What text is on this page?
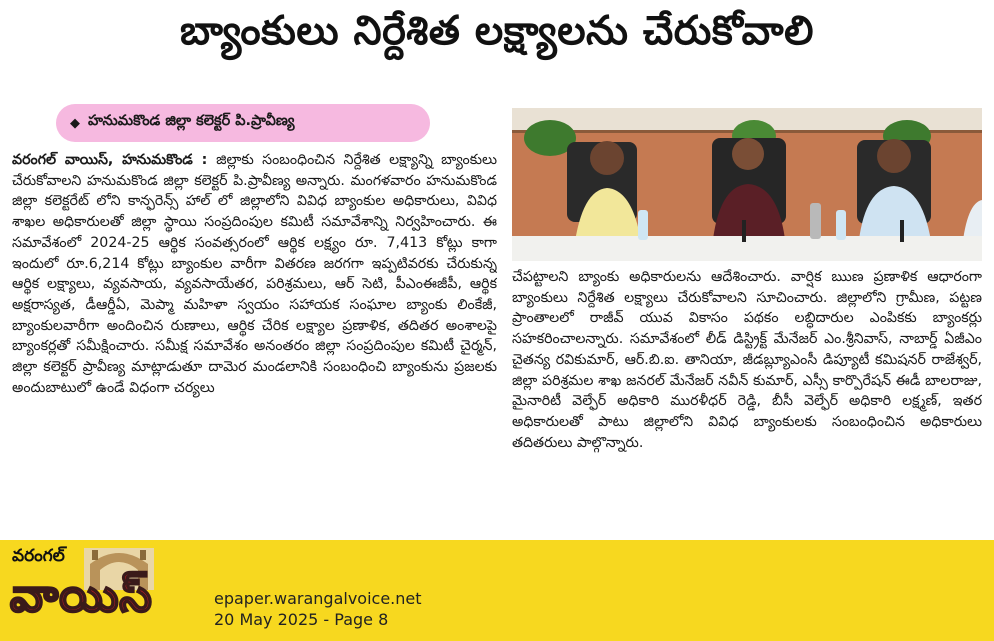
బ్యాంకులు నిర్దేశిత లక్ష్యాలను చేరుకోవాలి
◆ హనుమకొండ జిల్లా కలెక్టర్ పి.ప్రావీణ్య
వరంగల్ వాయిస్, హనుమకొండ : జిల్లాకు సంబంధించిన నిర్దేశిత లక్ష్యాన్ని బ్యాంకులు చేరుకోవాలని హనుమకొండ జిల్లా కలెక్టర్ పి.ప్రావీణ్య అన్నారు. మంగళవారం హనుమకొండ జిల్లా కలెక్టరేట్ లోని కాన్ఫరెన్స్ హాల్ లో జిల్లాలోని వివిధ బ్యాంకుల అధికారులు, వివిధ శాఖల అధికారులతో జిల్లా స్థాయి సంప్రదింపుల కమిటీ సమావేశాన్ని నిర్వహించారు. ఈ సమావేశంలో 2024-25 ఆర్థిక సంవత్సరంలో ఆర్థిక లక్ష్యం రూ. 7,413 కోట్లు కాగా ఇందులో రూ.6,214 కోట్లు బ్యాంకుల వారీగా వితరణ జరగగా ఇప్పటివరకు చేరుకున్న ఆర్థిక లక్ష్యాలు, వ్యవసాయ, వ్యవసాయేతర, పరిశ్రమలు, ఆర్ సెటి, పీఎంఈజీపీ, ఆర్థిక అక్షరాస్యత, డీఆర్డీఏ, మెప్మా మహిళా స్వయం సహాయక సంఘాల బ్యాంకు లింకేజీ, బ్యాంకులవారీగా అందించిన రుణాలు, ఆర్థిక చేరిక లక్ష్యాల ప్రణాళిక, తదితర అంశాలపై బ్యాంకర్లతో సమీక్షించారు. సమీక్ష సమావేశం అనంతరం జిల్లా సంప్రదింపుల కమిటీ చైర్మన్, జిల్లా కలెక్టర్ ప్రావీణ్య మాట్లాడుతూ దామెర మండలానికి సంబంధించి బ్యాంకును ప్రజలకు అందుబాటులో ఉండే విధంగా చర్యలు
చేపట్టాలని బ్యాంకు అధికారులను ఆదేశించారు. వార్షిక ఋణ ప్రణాళిక ఆధారంగా బ్యాంకులు నిర్దేశిత లక్ష్యాలు చేరుకోవాలని సూచించారు. జిల్లాలోని గ్రామీణ, పట్టణ ప్రాంతాలలో రాజీవ్ యువ వికాసం పథకం లబ్ధిదారుల ఎంపికకు బ్యాంకర్లు సహకరించాలన్నారు. సమావేశంలో లీడ్ డిస్ట్రిక్ట్ మేనేజర్ ఎం.శ్రీనివాస్, నాబార్డ్ ఏజీఎం చైతన్య రవికుమార్, ఆర్.బి.ఐ. తానియా, జీడబ్ల్యూఎంసీ డిప్యూటీ కమిషనర్ రాజేశ్వర్, జిల్లా పరిశ్రమల శాఖ జనరల్ మేనేజర్ నవీన్ కుమార్, ఎస్సీ కార్పొరేషన్ ఈడీ బాలరాజు, మైనారిటీ వెల్ఫేర్ అధికారి మురళీధర్ రెడ్డి, బీసీ వెల్ఫేర్ అధికారి లక్ష్మణ్, ఇతర అధికారులతో పాటు జిల్లాలోని వివిధ బ్యాంకులకు సంబంధించిన అధికారులు తదితరులు పాల్గొన్నారు.
వరంగల్
వాయిస్	epaper.warangalvoice.net
20 May 2025 - Page 8
